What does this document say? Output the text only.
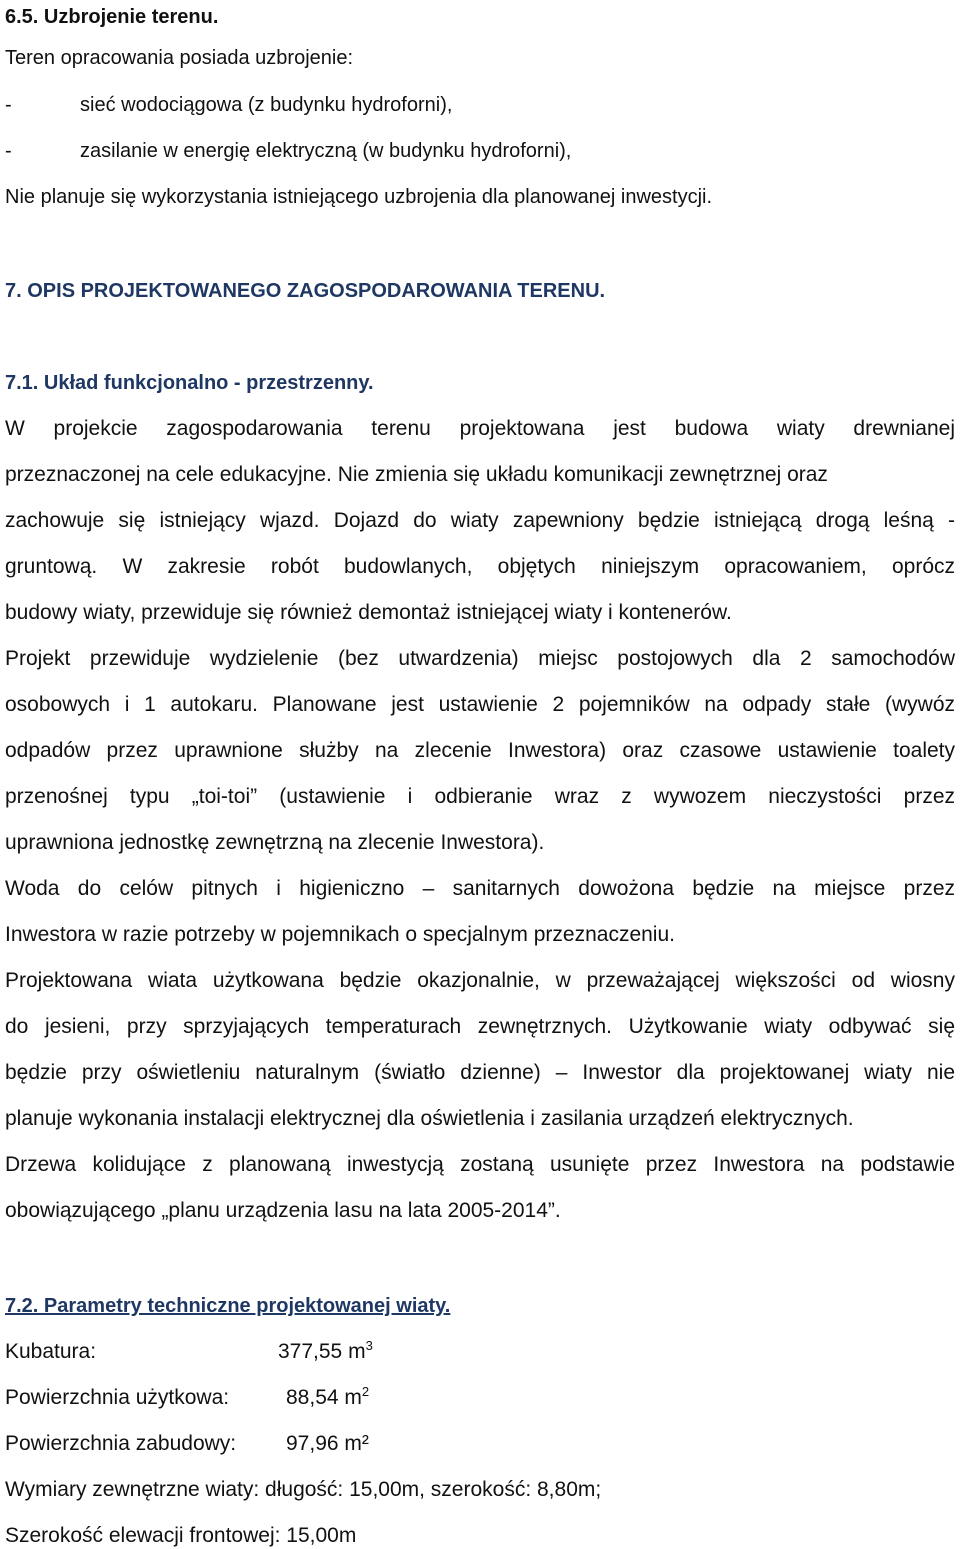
6.5. Uzbrojenie terenu.
Teren opracowania posiada uzbrojenie:
-	sieć wodociągowa (z budynku hydroforni),
-	zasilanie w energię elektryczną (w budynku hydroforni),
Nie planuje się wykorzystania istniejącego uzbrojenia dla planowanej inwestycji.
7. OPIS PROJEKTOWANEGO ZAGOSPODAROWANIA TERENU.
7.1. Układ funkcjonalno - przestrzenny.
W projekcie zagospodarowania terenu projektowana jest budowa wiaty drewnianej
przeznaczonej na cele edukacyjne. Nie zmienia się układu komunikacji zewnętrznej oraz
zachowuje się istniejący wjazd. Dojazd do wiaty zapewniony będzie istniejącą drogą leśną -
gruntową. W zakresie robót budowlanych, objętych niniejszym opracowaniem, oprócz
budowy wiaty, przewiduje się również demontaż istniejącej wiaty i kontenerów.
Projekt przewiduje wydzielenie (bez utwardzenia) miejsc postojowych dla 2 samochodów
osobowych i 1 autokaru. Planowane jest ustawienie 2 pojemników na odpady stałe (wywóz
odpadów przez uprawnione służby na zlecenie Inwestora) oraz czasowe ustawienie toalety
przenośnej typu „toi-toi” (ustawienie i odbieranie wraz z wywozem nieczystości przez
uprawniona jednostkę zewnętrzną na zlecenie Inwestora).
Woda do celów pitnych i higieniczno – sanitarnych dowożona będzie na miejsce przez
Inwestora w razie potrzeby w pojemnikach o specjalnym przeznaczeniu.
Projektowana wiata użytkowana będzie okazjonalnie, w przeważającej większości od wiosny
do jesieni, przy sprzyjających temperaturach zewnętrznych. Użytkowanie wiaty odbywać się
będzie przy oświetleniu naturalnym (światło dzienne) – Inwestor dla projektowanej wiaty nie
planuje wykonania instalacji elektrycznej dla oświetlenia i zasilania urządzeń elektrycznych.
Drzewa kolidujące z planowaną inwestycją zostaną usunięte przez Inwestora na podstawie
obowiązującego „planu urządzenia lasu na lata 2005-2014”.
7.2. Parametry techniczne projektowanej wiaty.
Kubatura:	377,55 $m^3$
Powierzchnia użytkowa:	88,54 $m^2$
Powierzchnia zabudowy: 97,96 m²
Wymiary zewnętrzne wiaty: długość: 15,00m, szerokość: 8,80m;
Szerokość elewacji frontowej: 15,00m
